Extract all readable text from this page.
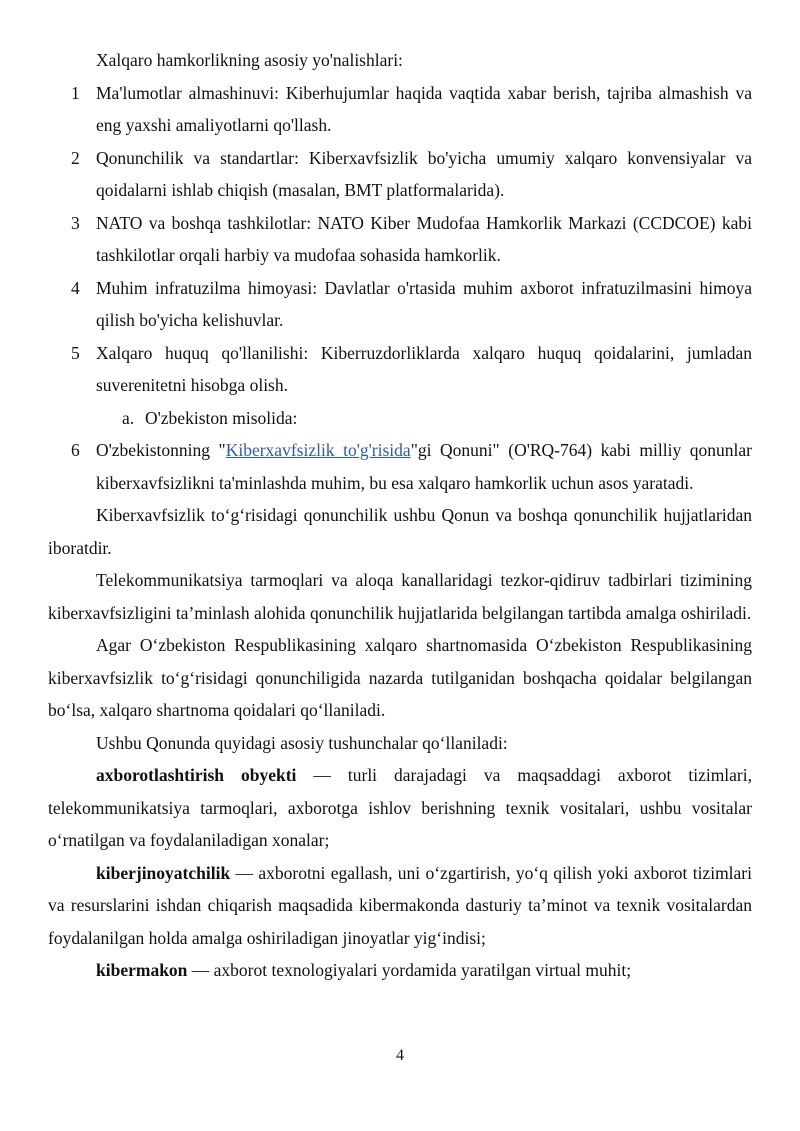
Xalqaro hamkorlikning asosiy yo'nalishlari:

1 Ma'lumotlar almashinuvi: Kiberhujumlar haqida vaqtida xabar berish, tajriba almashish va eng yaxshi amaliyotlarni qo'llash.
2 Qonunchilik va standartlar: Kiberxavfsizlik bo'yicha umumiy xalqaro konvensiyalar va qoidalarni ishlab chiqish (masalan, BMT platformalarida).
3 NATO va boshqa tashkilotlar: NATO Kiber Mudofaa Hamkorlik Markazi (CCDCOE) kabi tashkilotlar orqali harbiy va mudofaa sohasida hamkorlik.
4 Muhim infratuzilma himoyasi: Davlatlar o'rtasida muhim axborot infratuzilmasini himoya qilish bo'yicha kelishuvlar.
5 Xalqaro huquq qo'llanilishi: Kiberruzdorliklarda xalqaro huquq qoidalarini, jumladan suverenitetni hisobga olish.
a. O'zbekiston misolida:
6 O'zbekistonning "Kiberxavfsizlik to'g'risida"gi Qonuni" (O'RQ-764) kabi milliy qonunlar kiberxavfsizlikni ta'minlashda muhim, bu esa xalqaro hamkorlik uchun asos yaratadi.

Kiberxavfsizlik to‘g‘risidagi qonunchilik ushbu Qonun va boshqa qonunchilik hujjatlaridan iboratdir.

Telekommunikatsiya tarmoqlari va aloqa kanallaridagi tezkor-qidiruv tadbirlari tizimining kiberxavfsizligini ta’minlash alohida qonunchilik hujjatlarida belgilangan tartibda amalga oshiriladi.

Agar O‘zbekiston Respublikasining xalqaro shartnomasida O‘zbekiston Respublikasining kiberxavfsizlik to‘g‘risidagi qonunchiligida nazarda tutilganidan boshqacha qoidalar belgilangan bo‘lsa, xalqaro shartnoma qoidalari qo‘llaniladi.

Ushbu Qonunda quyidagi asosiy tushunchalar qo‘llaniladi:

axborotlashtirish obyekti — turli darajadagi va maqsaddagi axborot tizimlari, telekommunikatsiya tarmoqlari, axborotga ishlov berishning texnik vositalari, ushbu vositalar o‘rnatilgan va foydalaniladigan xonalar;

kiberjinoyatchilik — axborotni egallash, uni o‘zgartirish, yo‘q qilish yoki axborot tizimlari va resurslarini ishdan chiqarish maqsadida kibermakonda dasturiy ta’minot va texnik vositalardan foydalanilgan holda amalga oshiriladigan jinoyatlar yig‘indisi;

kibermakon — axborot texnologiyalari yordamida yaratilgan virtual muhit;

4
